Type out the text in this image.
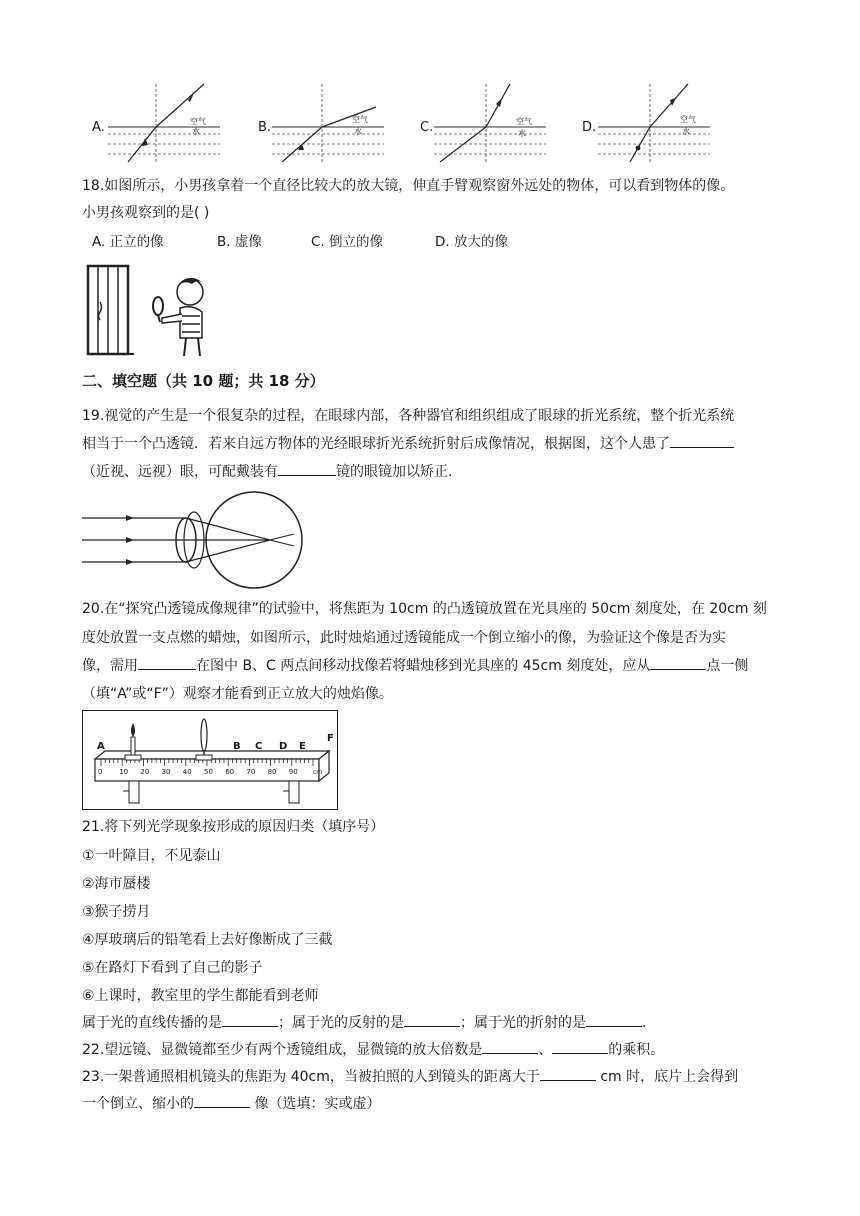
A.	空气
水	B.
空气
水	C.	空气
水	D.
空气
水
18.如图所示，小男孩拿着一个直径比较大的放大镜，伸直手臂观察窗外远处的物体，可以看到物体的像。
小男孩观察到的是( )
A. 正立的像	B. 虚像	C. 倒立的像	D. 放大的像
二、填空题（共 10 题；共 18 分）
19.视觉的产生是一个很复杂的过程，在眼球内部，各种器官和组织组成了眼球的折光系统，整个折光系统
相当于一个凸透镜．若来自远方物体的光经眼球折光系统折射后成像情况，根据图，这个人患了
（近视、远视）眼，可配戴装有	镜的眼镜加以矫正.
20.在“探究凸透镜成像规律”的试验中，将焦距为 10cm 的凸透镜放置在光具座的 50cm 刻度处，在 20cm 刻
度处放置一支点燃的蜡烛，如图所示，此时烛焰通过透镜能成一个倒立缩小的像，为验证这个像是否为实
像，需用	在图中 B、C 两点间移动找像若将蜡烛移到光具座的 45cm 刻度处，应从	点一侧
（填“A”或“F”）观察才能看到正立放大的烛焰像。
A	B C D E
F
0 10 20 30 40 50 60 70 80 90	cm
21.将下列光学现象按形成的原因归类（填序号）
①一叶障目，不见泰山
②海市蜃楼
③猴子捞月
④厚玻璃后的铅笔看上去好像断成了三截
⑤在路灯下看到了自己的影子
⑥上课时，教室里的学生都能看到老师
属于光的直线传播的是	；属于光的反射的是	；属于光的折射的是	.
22.望远镜、显微镜都至少有两个透镜组成，显微镜的放大倍数是	、	的乘积。
23.一架普通照相机镜头的焦距为 40cm，当被拍照的人到镜头的距离大于	cm 时，底片上会得到
一个倒立、缩小的	像（选填：实或虚）
